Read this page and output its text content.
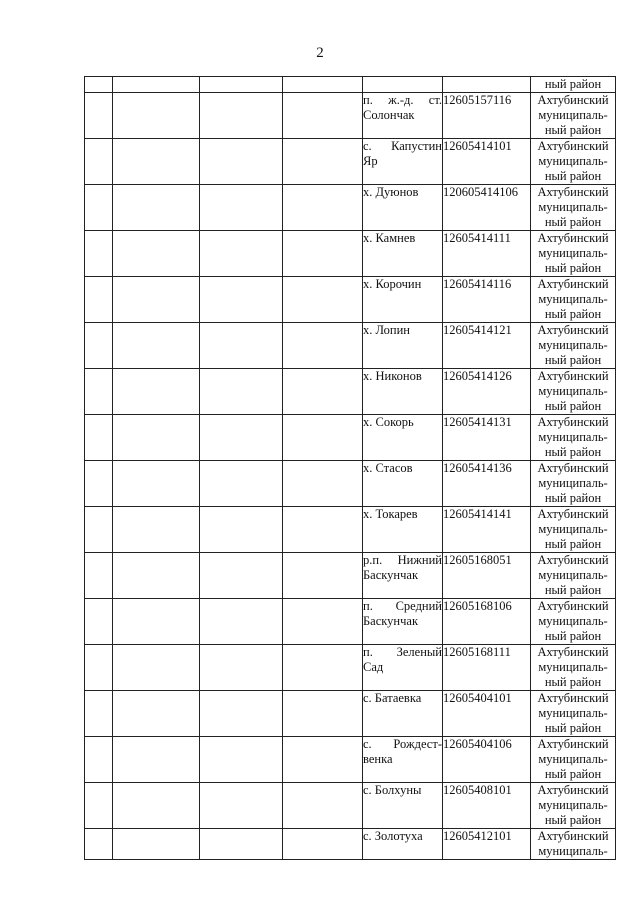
2
						ный район

				п. ж.-д. ст.
Солончак	12605157116	Ахтубинский
муниципаль-
ный район

				с. Капустин
Яр	12605414101	Ахтубинский
муниципаль-
ный район

				х. Дуюнов	120605414106	Ахтубинский
муниципаль-
ный район

				х. Камнев	12605414111	Ахтубинский
муниципаль-
ный район

				х. Корочин	12605414116	Ахтубинский
муниципаль-
ный район

				х. Лопин	12605414121	Ахтубинский
муниципаль-
ный район

				х. Никонов	12605414126	Ахтубинский
муниципаль-
ный район

				х. Сокорь	12605414131	Ахтубинский
муниципаль-
ный район

				х. Стасов	12605414136	Ахтубинский
муниципаль-
ный район

				х. Токарев	12605414141	Ахтубинский
муниципаль-
ный район

				р.п. Нижний
Баскунчак	12605168051	Ахтубинский
муниципаль-
ный район

				п. Средний
Баскунчак	12605168106	Ахтубинский
муниципаль-
ный район

				п. Зеленый
Сад	12605168111	Ахтубинский
муниципаль-
ный район

				с. Батаевка	12605404101	Ахтубинский
муниципаль-
ный район

				с. Рождест-
венка	12605404106	Ахтубинский
муниципаль-
ный район

				с. Болхуны	12605408101	Ахтубинский
муниципаль-
ный район

				с. Золотуха	12605412101	Ахтубинский
муниципаль-
